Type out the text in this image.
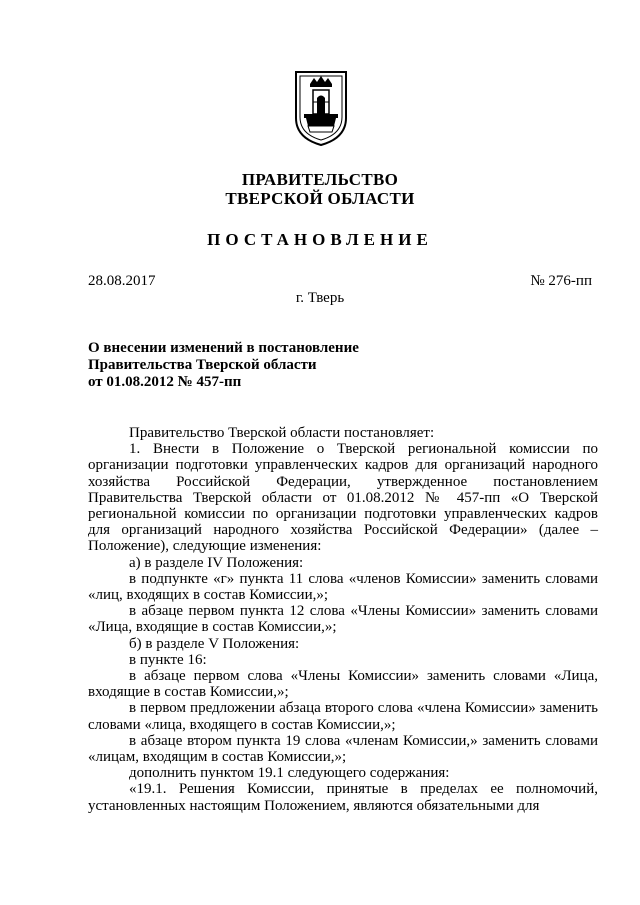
ПРАВИТЕЛЬСТВО
ТВЕРСКОЙ ОБЛАСТИ
ПОСТАНОВЛЕНИЕ
28.08.2017	№ 276-пп
г. Тверь
О внесении изменений в постановление
Правительства Тверской области
от 01.08.2012 № 457-пп

Правительство Тверской области постановляет:

1. Внести в Положение о Тверской региональной комиссии по организации подготовки управленческих кадров для организаций народного хозяйства Российской Федерации, утвержденное постановлением Правительства Тверской области от 01.08.2012 № 457-пп «О Тверской региональной комиссии по организации подготовки управленческих кадров для организаций народного хозяйства Российской Федерации» (далее – Положение), следующие изменения:

а) в разделе IV Положения:

в подпункте «г» пункта 11 слова «членов Комиссии» заменить словами «лиц, входящих в состав Комиссии,»;

в абзаце первом пункта 12 слова «Члены Комиссии» заменить словами «Лица, входящие в состав Комиссии,»;

б) в разделе V Положения:

в пункте 16:

в абзаце первом слова «Члены Комиссии» заменить словами «Лица, входящие в состав Комиссии,»;

в первом предложении абзаца второго слова «члена Комиссии» заменить словами «лица, входящего в состав Комиссии,»;

в абзаце втором пункта 19 слова «членам Комиссии,» заменить словами «лицам, входящим в состав Комиссии,»;

дополнить пунктом 19.1 следующего содержания:

«19.1. Решения Комиссии, принятые в пределах ее полномочий, установленных настоящим Положением, являются обязательными для
